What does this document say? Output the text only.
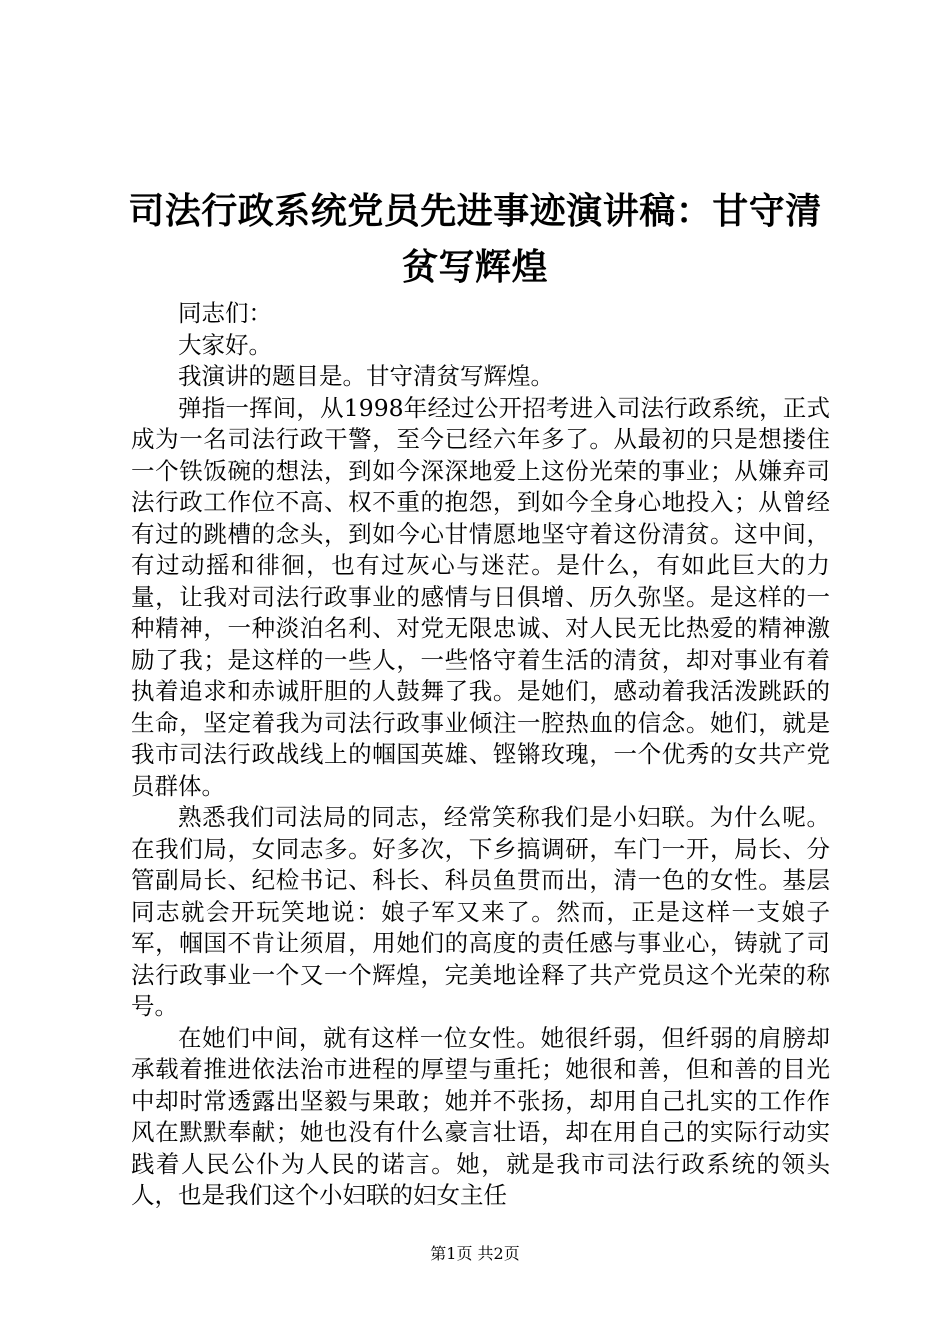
司法行政系统党员先进事迹演讲稿：甘守清贫写辉煌

同志们：

大家好。

我演讲的题目是。甘守清贫写辉煌。

弹指一挥间，从1998年经过公开招考进入司法行政系统，正式成为一名司法行政干警，至今已经六年多了。从最初的只是想搂住一个铁饭碗的想法，到如今深深地爱上这份光荣的事业；从嫌弃司法行政工作位不高、权不重的抱怨，到如今全身心地投入；从曾经有过的跳槽的念头，到如今心甘情愿地坚守着这份清贫。这中间，有过动摇和徘徊，也有过灰心与迷茫。是什么，有如此巨大的力量，让我对司法行政事业的感情与日俱增、历久弥坚。是这样的一种精神，一种淡泊名利、对党无限忠诚、对人民无比热爱的精神激励了我；是这样的一些人，一些恪守着生活的清贫，却对事业有着执着追求和赤诚肝胆的人鼓舞了我。是她们，感动着我活泼跳跃的生命，坚定着我为司法行政事业倾注一腔热血的信念。她们，就是我市司法行政战线上的帼国英雄、铿锵玫瑰，一个优秀的女共产党员群体。

熟悉我们司法局的同志，经常笑称我们是小妇联。为什么呢。在我们局，女同志多。好多次，下乡搞调研，车门一开，局长、分管副局长、纪检书记、科长、科员鱼贯而出，清一色的女性。基层同志就会开玩笑地说：娘子军又来了。然而，正是这样一支娘子军，帼国不肯让须眉，用她们的高度的责任感与事业心，铸就了司法行政事业一个又一个辉煌，完美地诠释了共产党员这个光荣的称号。

在她们中间，就有这样一位女性。她很纤弱，但纤弱的肩膀却承载着推进依法治市进程的厚望与重托；她很和善，但和善的目光中却时常透露出坚毅与果敢；她并不张扬，却用自己扎实的工作作风在默默奉献；她也没有什么豪言壮语，却在用自己的实际行动实践着人民公仆为人民的诺言。她，就是我市司法行政系统的领头人，也是我们这个小妇联的妇女主任

第1页 共2页
